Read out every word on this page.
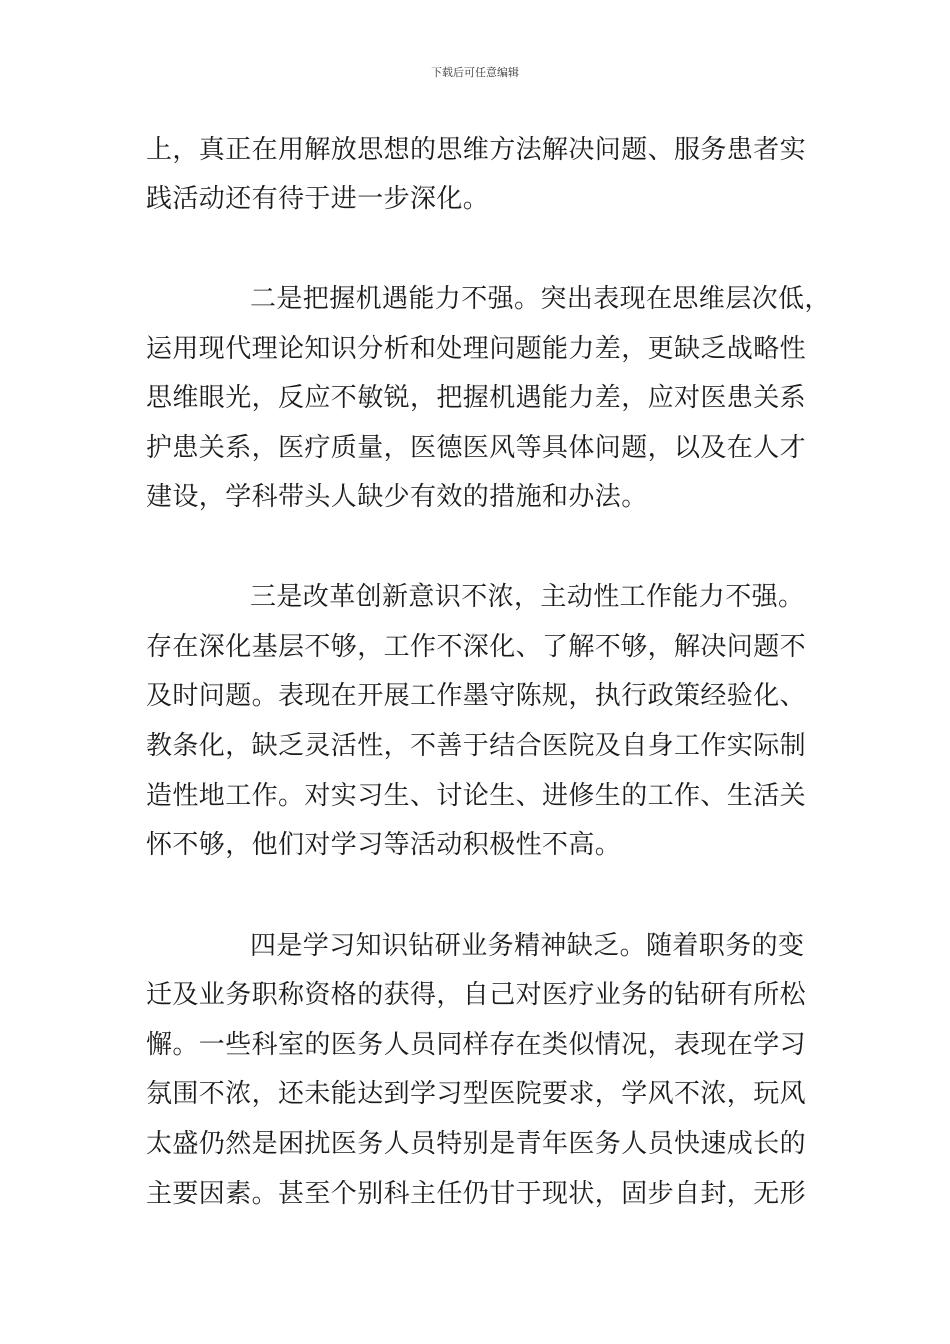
下载后可任意编辑
上，真正在用解放思想的思维方法解决问题、服务患者实
践活动还有待于进一步深化。
二是把握机遇能力不强。突出表现在思维层次低，
运用现代理论知识分析和处理问题能力差，更缺乏战略性
思维眼光，反应不敏锐，把握机遇能力差，应对医患关系
护患关系，医疗质量，医德医风等具体问题，以及在人才
建设，学科带头人缺少有效的措施和办法。
三是改革创新意识不浓，主动性工作能力不强。
存在深化基层不够，工作不深化、了解不够，解决问题不
及时问题。表现在开展工作墨守陈规，执行政策经验化、
教条化，缺乏灵活性，不善于结合医院及自身工作实际制
造性地工作。对实习生、讨论生、进修生的工作、生活关
怀不够，他们对学习等活动积极性不高。
四是学习知识钻研业务精神缺乏。随着职务的变
迁及业务职称资格的获得，自己对医疗业务的钻研有所松
懈。一些科室的医务人员同样存在类似情况，表现在学习
氛围不浓，还未能达到学习型医院要求，学风不浓，玩风
太盛仍然是困扰医务人员特别是青年医务人员快速成长的
主要因素。甚至个别科主任仍甘于现状，固步自封，无形
